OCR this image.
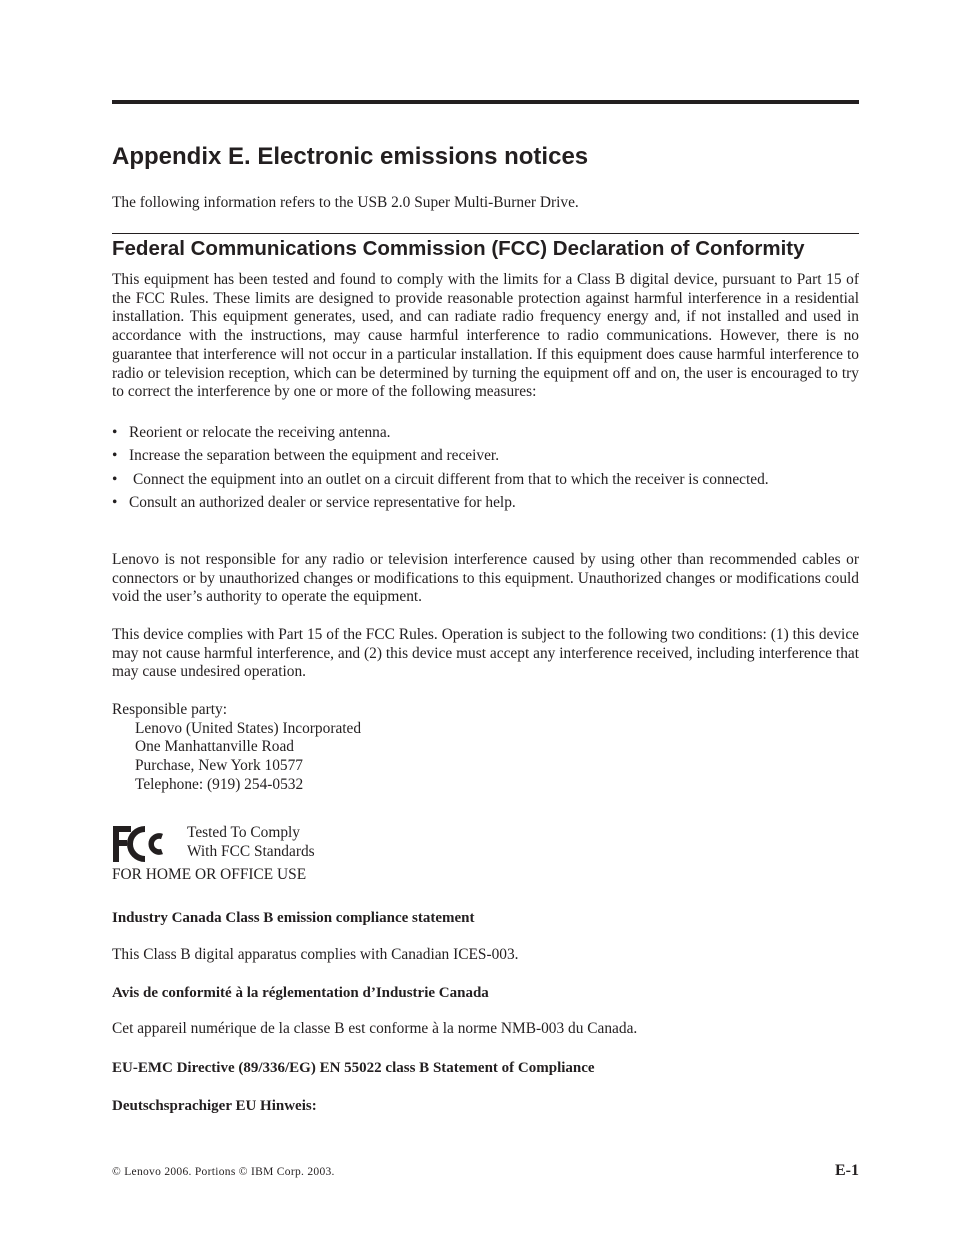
Appendix E. Electronic emissions notices
The following information refers to the USB 2.0 Super Multi-Burner Drive.
Federal Communications Commission (FCC) Declaration of Conformity
This equipment has been tested and found to comply with the limits for a Class B digital device, pursuant to Part 15 of the FCC Rules. These limits are designed to provide reasonable protection against harmful interference in a residential installation. This equipment generates, used, and can radiate radio frequency energy and, if not installed and used in accordance with the instructions, may cause harmful interference to radio communications. However, there is no guarantee that interference will not occur in a particular installation. If this equipment does cause harmful interference to radio or television reception, which can be determined by turning the equipment off and on, the user is encouraged to try to correct the interference by one or more of the following measures:
• Reorient or relocate the receiving antenna.
• Increase the separation between the equipment and receiver.
• Connect the equipment into an outlet on a circuit different from that to which the receiver is connected.
• Consult an authorized dealer or service representative for help.
Lenovo is not responsible for any radio or television interference caused by using other than recommended cables or connectors or by unauthorized changes or modifications to this equipment. Unauthorized changes or modifications could void the user’s authority to operate the equipment.
This device complies with Part 15 of the FCC Rules. Operation is subject to the following two conditions: (1) this device may not cause harmful interference, and (2) this device must accept any interference received, including interference that may cause undesired operation.
Responsible party:
Lenovo (United States) Incorporated
One Manhattanville Road
Purchase, New York 10577
Telephone: (919) 254-0532
Tested To Comply
With FCC Standards
FOR HOME OR OFFICE USE
Industry Canada Class B emission compliance statement
This Class B digital apparatus complies with Canadian ICES-003.
Avis de conformité à la réglementation d’Industrie Canada
Cet appareil numérique de la classe B est conforme à la norme NMB-003 du Canada.
EU-EMC Directive (89/336/EG) EN 55022 class B Statement of Compliance
Deutschsprachiger EU Hinweis:
© Lenovo 2006. Portions © IBM Corp. 2003.	E-1
